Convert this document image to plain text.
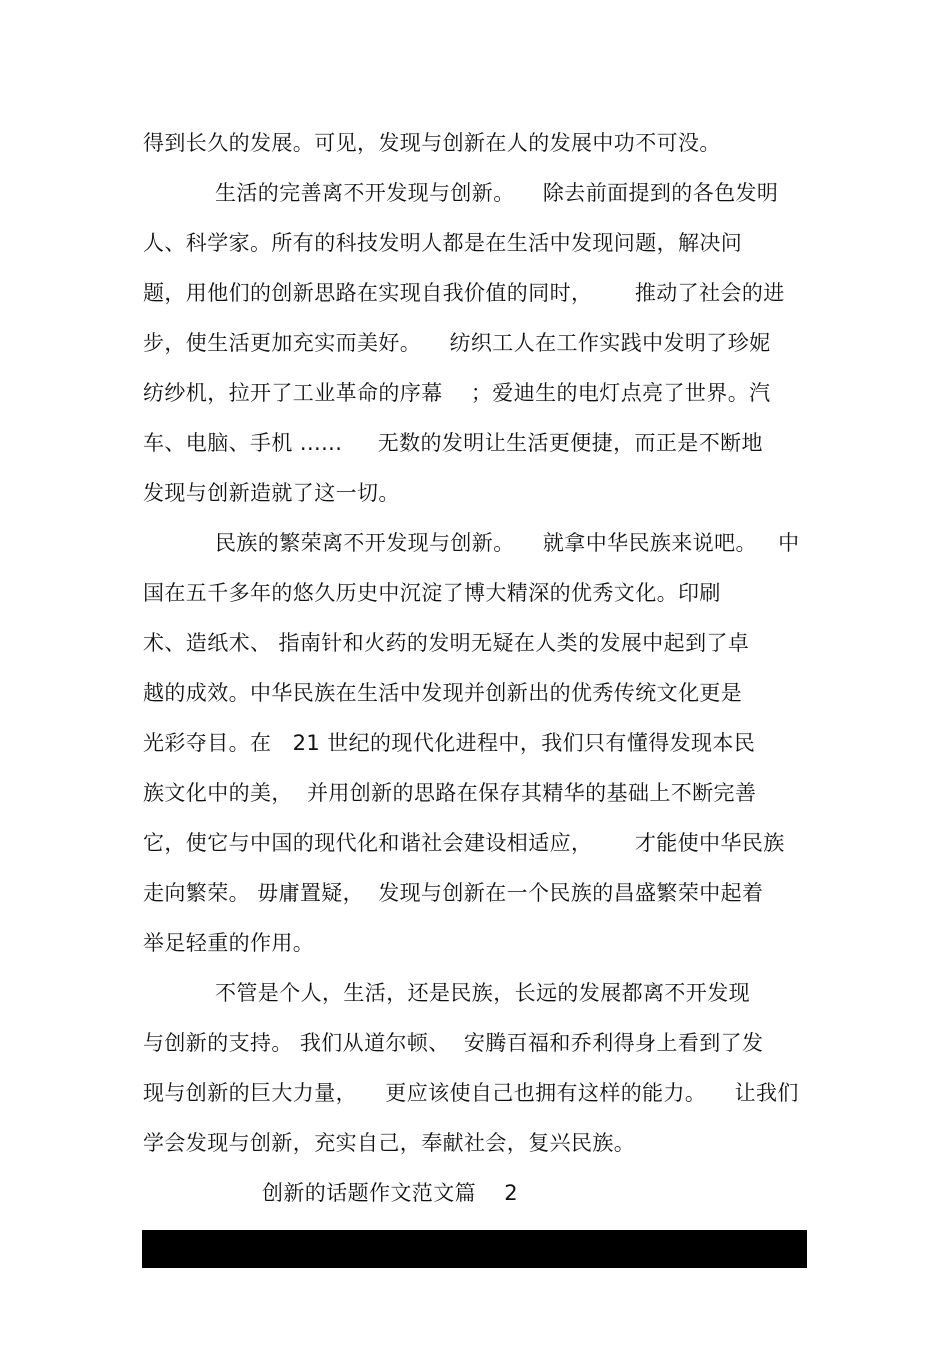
得到长久的发展。可见，发现与创新在人的发展中功不可没。
生活的完善离不开发现与创新。    除去前面提到的各色发明
人、科学家。所有的科技发明人都是在生活中发现问题，解决问
题，用他们的创新思路在实现自我价值的同时，      推动了社会的进
步，使生活更加充实而美好。    纺织工人在工作实践中发明了珍妮
纺纱机，拉开了工业革命的序幕    ；爱迪生的电灯点亮了世界。汽
车、电脑、手机 ......     无数的发明让生活更便捷，而正是不断地
发现与创新造就了这一切。
民族的繁荣离不开发现与创新。    就拿中华民族来说吧。   中
国在五千多年的悠久历史中沉淀了博大精深的优秀文化。印刷
术、造纸术、 指南针和火药的发明无疑在人类的发展中起到了卓
越的成效。中华民族在生活中发现并创新出的优秀传统文化更是
光彩夺目。在   21 世纪的现代化进程中，我们只有懂得发现本民
族文化中的美，  并用创新的思路在保存其精华的基础上不断完善
它，使它与中国的现代化和谐社会建设相适应，      才能使中华民族
走向繁荣。 毋庸置疑，  发现与创新在一个民族的昌盛繁荣中起着
举足轻重的作用。
不管是个人，生活，还是民族，长远的发展都离不开发现
与创新的支持。 我们从道尔顿、  安腾百福和乔利得身上看到了发
现与创新的巨大力量，    更应该使自己也拥有这样的能力。    让我们
学会发现与创新，充实自己，奉献社会，复兴民族。
创新的话题作文范文篇    2
